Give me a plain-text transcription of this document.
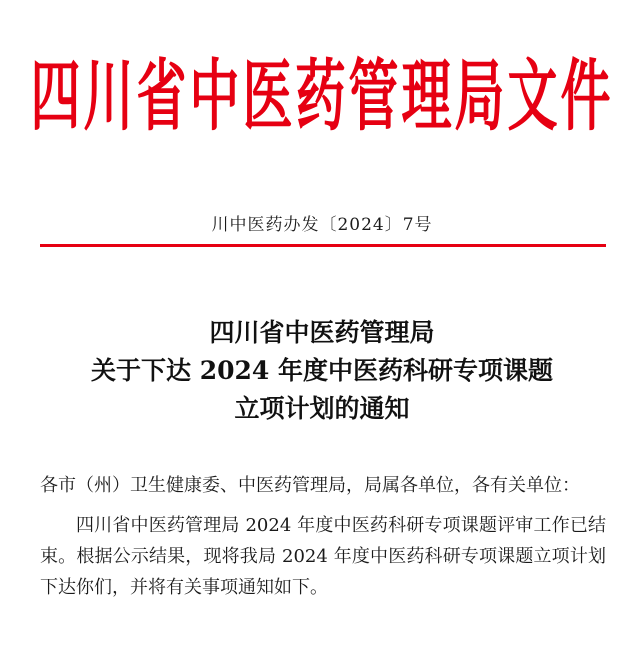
四川省中医药管理局文件
川中医药办发〔2024〕7号
四川省中医药管理局
关于下达 2024 年度中医药科研专项课题
立项计划的通知

各市（州）卫生健康委、中医药管理局，局属各单位，各有关单位：

四川省中医药管理局 2024 年度中医药科研专项课题评审工作已结束。根据公示结果，现将我局 2024 年度中医药科研专项课题立项计划下达你们，并将有关事项通知如下。
